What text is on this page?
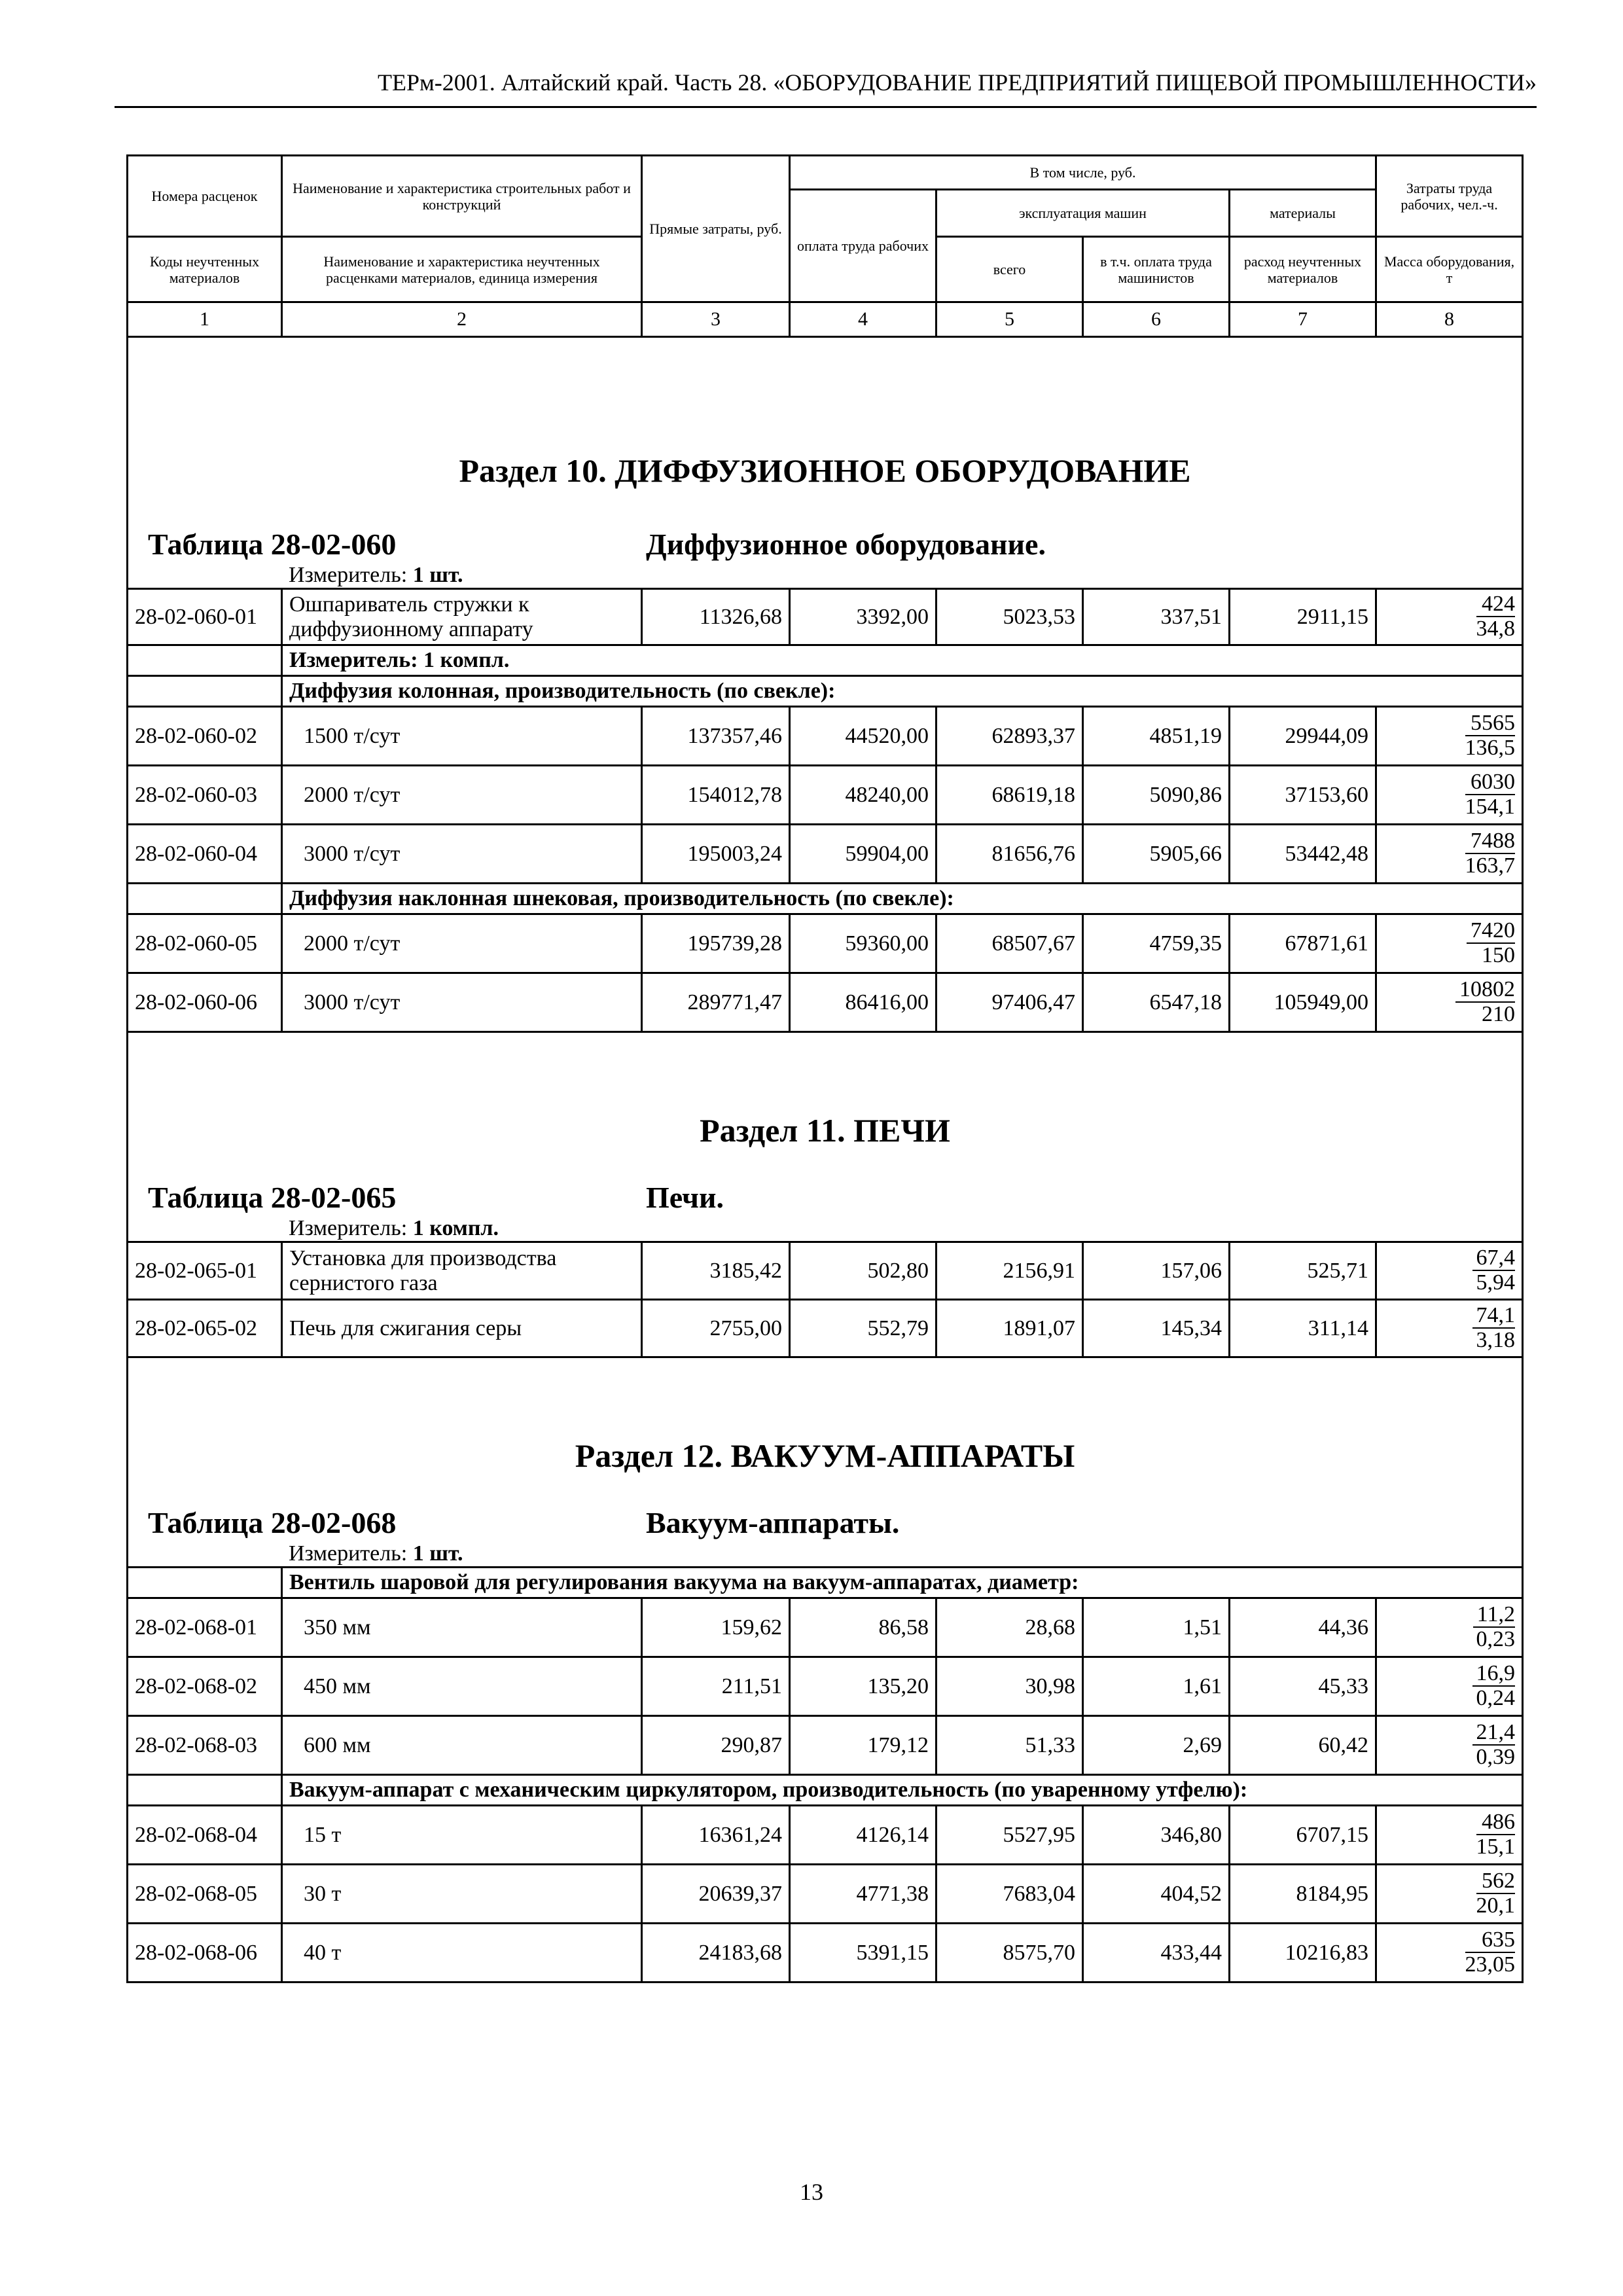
ТЕРм-2001. Алтайский край. Часть 28. «ОБОРУДОВАНИЕ ПРЕДПРИЯТИЙ ПИЩЕВОЙ ПРОМЫШЛЕННОСТИ»
Номера расценок	Наименование и характеристика строительных работ и конструкций	Прямые затраты, руб.	В том числе, руб.				Затраты труда рабочих, чел.-ч.
			оплата труда рабочих	эксплуатация машин		материалы	

Коды неучтенных материалов	Наименование и характеристика неучтенных расценками материалов, единица измерения			всего	в т.ч. оплата труда машинистов	расход неучтенных материалов	Масса оборудования, т

1	2	3	4	5	6	7	8

Раздел 10. ДИФФУЗИОННОЕ ОБОРУДОВАНИЕ							

Таблица 28-02-060 Диффузионное оборудование.
Измеритель: 1 шт.							

28-02-060-01	Ошпариватель стружки к диффузионному аппарату	11326,68	3392,00	5023,53	337,51	2911,15	$\frac{424}{34,8}$

	Измеритель: 1 компл.						
	Диффузия колонная, производительность (по свекле):						
28-02-060-02	1500 т/сут	137357,46	44520,00	62893,37	4851,19	29944,09	$\frac{5565}{136,5}$

28-02-060-03	2000 т/сут	154012,78	48240,00	68619,18	5090,86	37153,60	$\frac{6030}{154,1}$

28-02-060-04	3000 т/сут	195003,24	59904,00	81656,76	5905,66	53442,48	$\frac{7488}{163,7}$

	Диффузия наклонная шнековая, производительность (по свекле):						
28-02-060-05	2000 т/сут	195739,28	59360,00	68507,67	4759,35	67871,61	$\frac{7420}{150}$

28-02-060-06	3000 т/сут	289771,47	86416,00	97406,47	6547,18	105949,00	$\frac{10802}{210}$

Раздел 11. ПЕЧИ							

Таблица 28-02-065 Печи.
Измеритель: 1 компл.							

28-02-065-01	Установка для производства сернистого газа	3185,42	502,80	2156,91	157,06	525,71	$\frac{67,4}{5,94}$

28-02-065-02	Печь для сжигания серы	2755,00	552,79	1891,07	145,34	311,14	$\frac{74,1}{3,18}$

Раздел 12. ВАКУУМ-АППАРАТЫ							

Таблица 28-02-068 Вакуум-аппараты.
Измеритель: 1 шт.							

	Вентиль шаровой для регулирования вакуума на вакуум-аппаратах, диаметр:						
28-02-068-01	350 мм	159,62	86,58	28,68	1,51	44,36	$\frac{11,2}{0,23}$

28-02-068-02	450 мм	211,51	135,20	30,98	1,61	45,33	$\frac{16,9}{0,24}$

28-02-068-03	600 мм	290,87	179,12	51,33	2,69	60,42	$\frac{21,4}{0,39}$

	Вакуум-аппарат с механическим циркулятором, производительность (по уваренному утфелю):						
28-02-068-04	15 т	16361,24	4126,14	5527,95	346,80	6707,15	$\frac{486}{15,1}$

28-02-068-05	30 т	20639,37	4771,38	7683,04	404,52	8184,95	$\frac{562}{20,1}$

28-02-068-06	40 т	24183,68	5391,15	8575,70	433,44	10216,83	$\frac{635}{23,05}$
13
